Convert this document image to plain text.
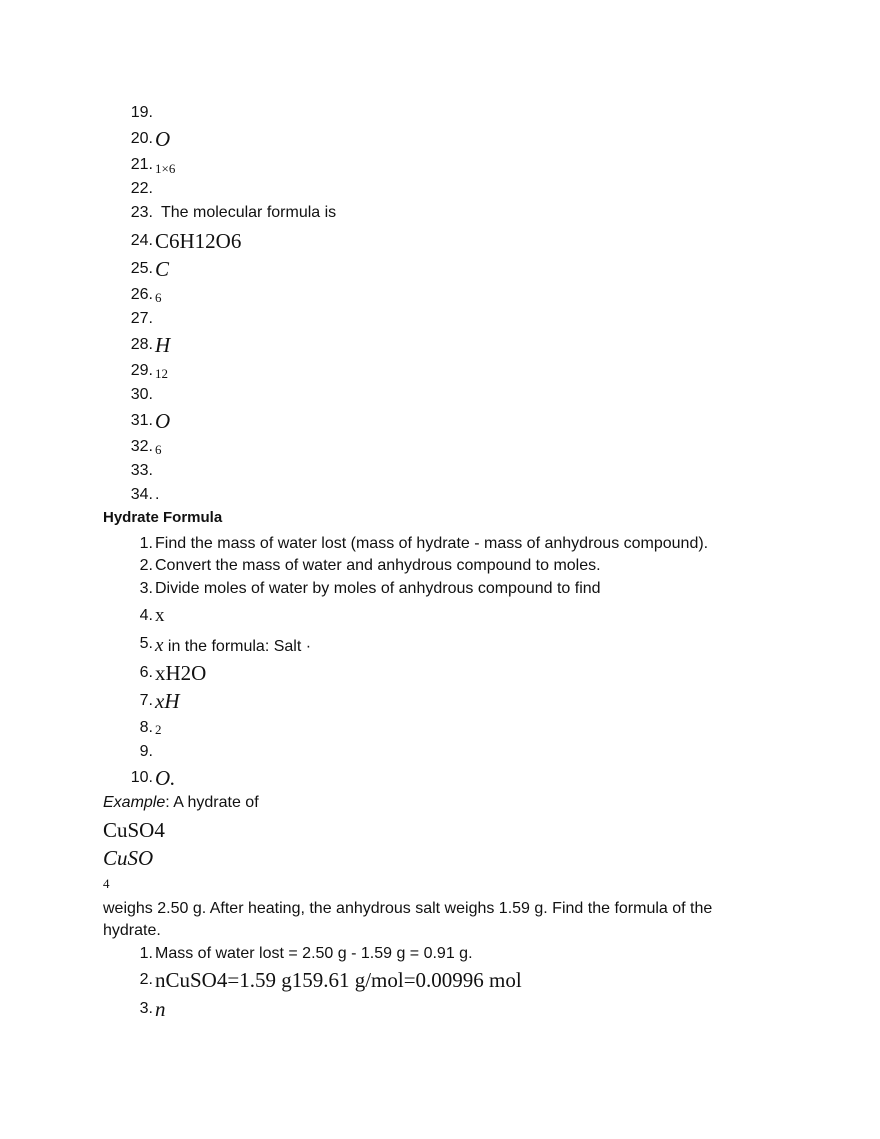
19.
20. O
21. 1×6
22.
23. The molecular formula is
24. C6H12O6
25. C
26. 6
27.
28. H
29. 12
30.
31. O
32. 6
33.
34. .
Hydrate Formula
1. Find the mass of water lost (mass of hydrate - mass of anhydrous compound).
2. Convert the mass of water and anhydrous compound to moles.
3. Divide moles of water by moles of anhydrous compound to find
4. x
5. x in the formula: Salt ·
6. xH2O
7. xH
8. 2
9.
10. O.
Example: A hydrate of
CuSO4
CuSO
4
weighs 2.50 g. After heating, the anhydrous salt weighs 1.59 g. Find the formula of the
hydrate.
1. Mass of water lost = 2.50 g - 1.59 g = 0.91 g.
2. nCuSO4=1.59 g159.61 g/mol=0.00996 mol
3. n
